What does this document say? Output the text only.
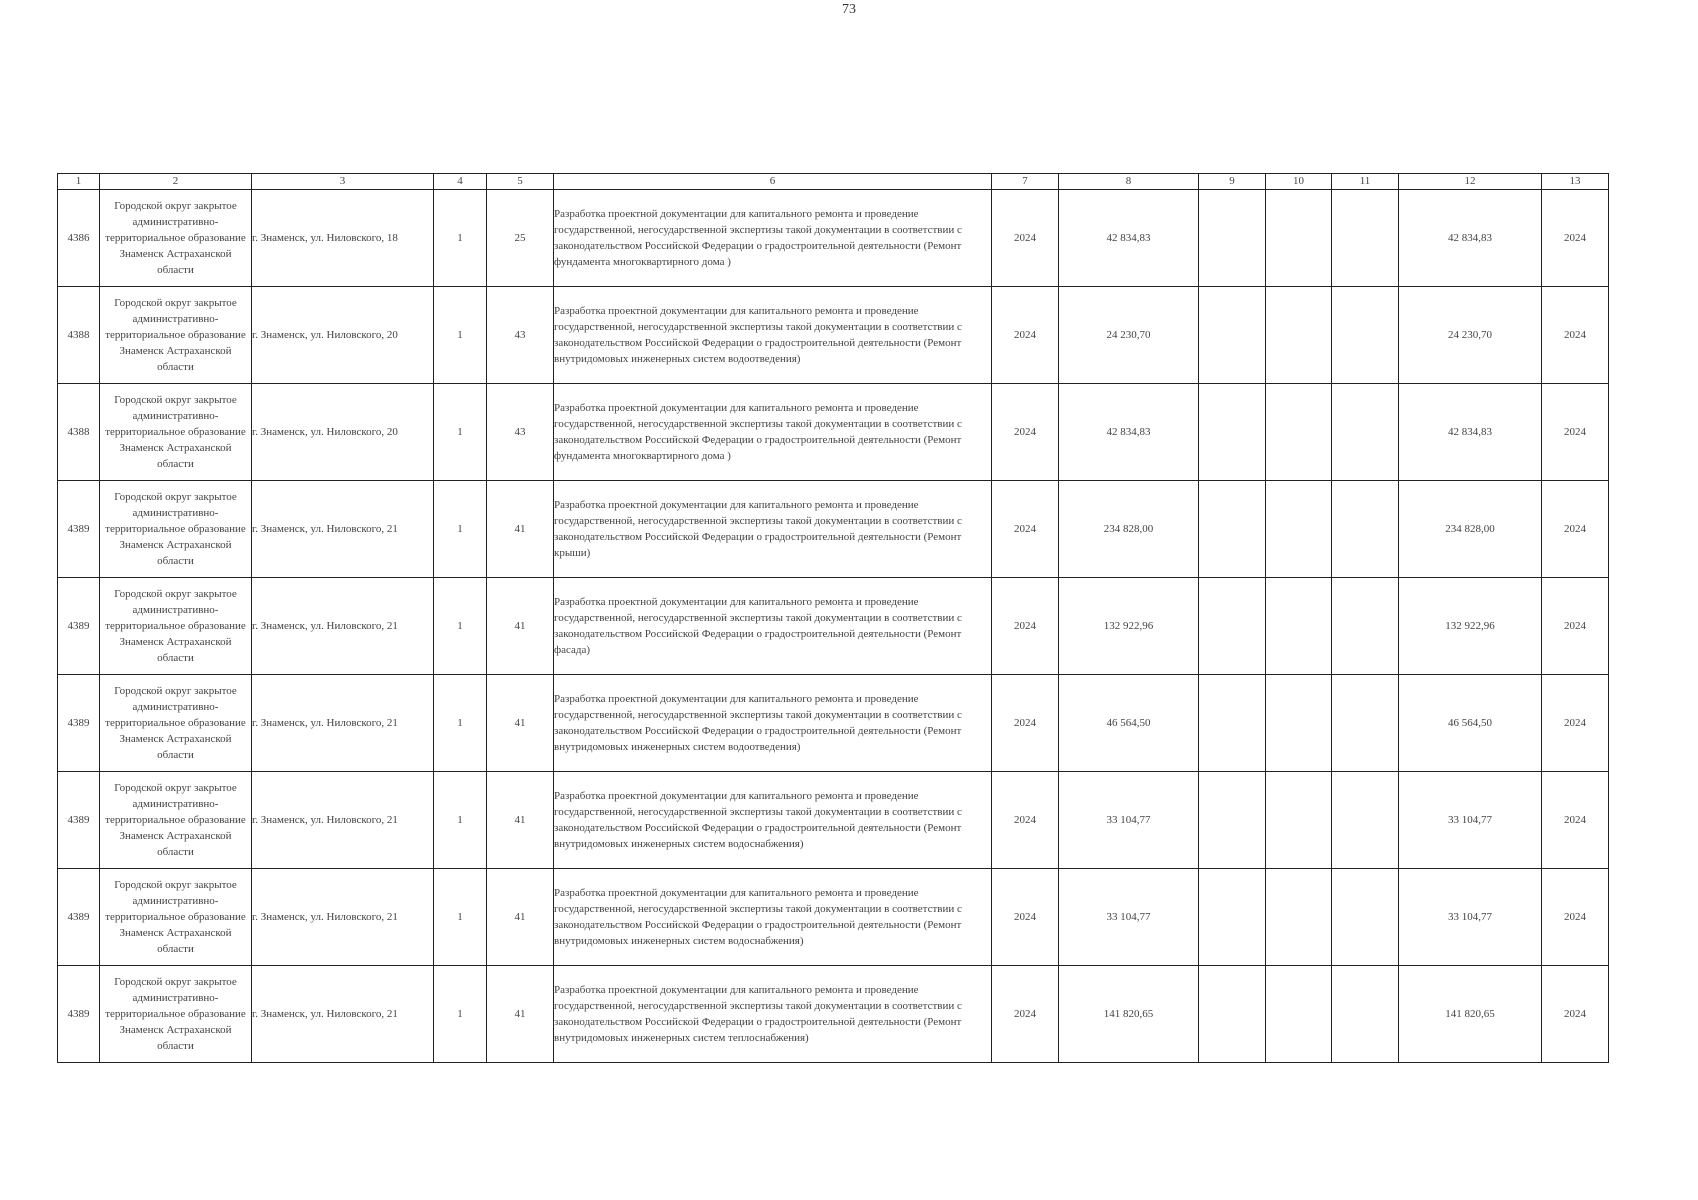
73
1	2	3	4	5	6	7	8	9	10	11	12	13
4386	Городской округ закрытое административно-территориальное образование Знаменск Астраханской области	г. Знаменск, ул. Ниловского, 18	1	25	Разработка проектной документации для капитального ремонта и проведение государственной, негосударственной экспертизы такой документации в соответствии с законодательством Российской Федерации о градостроительной деятельности (Ремонт фундамента многоквартирного дома )	2024	42 834,83				42 834,83	2024
4388	Городской округ закрытое административно-территориальное образование Знаменск Астраханской области	г. Знаменск, ул. Ниловского, 20	1	43	Разработка проектной документации для капитального ремонта и проведение государственной, негосударственной экспертизы такой документации в соответствии с законодательством Российской Федерации о градостроительной деятельности (Ремонт внутридомовых инженерных систем водоотведения)	2024	24 230,70				24 230,70	2024
4388	Городской округ закрытое административно-территориальное образование Знаменск Астраханской области	г. Знаменск, ул. Ниловского, 20	1	43	Разработка проектной документации для капитального ремонта и проведение государственной, негосударственной экспертизы такой документации в соответствии с законодательством Российской Федерации о градостроительной деятельности (Ремонт фундамента многоквартирного дома )	2024	42 834,83				42 834,83	2024
4389	Городской округ закрытое административно-территориальное образование Знаменск Астраханской области	г. Знаменск, ул. Ниловского, 21	1	41	Разработка проектной документации для капитального ремонта и проведение государственной, негосударственной экспертизы такой документации в соответствии с законодательством Российской Федерации о градостроительной деятельности (Ремонт крыши)	2024	234 828,00				234 828,00	2024
4389	Городской округ закрытое административно-территориальное образование Знаменск Астраханской области	г. Знаменск, ул. Ниловского, 21	1	41	Разработка проектной документации для капитального ремонта и проведение государственной, негосударственной экспертизы такой документации в соответствии с законодательством Российской Федерации о градостроительной деятельности (Ремонт фасада)	2024	132 922,96				132 922,96	2024
4389	Городской округ закрытое административно-территориальное образование Знаменск Астраханской области	г. Знаменск, ул. Ниловского, 21	1	41	Разработка проектной документации для капитального ремонта и проведение государственной, негосударственной экспертизы такой документации в соответствии с законодательством Российской Федерации о градостроительной деятельности (Ремонт внутридомовых инженерных систем водоотведения)	2024	46 564,50				46 564,50	2024
4389	Городской округ закрытое административно-территориальное образование Знаменск Астраханской области	г. Знаменск, ул. Ниловского, 21	1	41	Разработка проектной документации для капитального ремонта и проведение государственной, негосударственной экспертизы такой документации в соответствии с законодательством Российской Федерации о градостроительной деятельности (Ремонт внутридомовых инженерных систем водоснабжения)	2024	33 104,77				33 104,77	2024
4389	Городской округ закрытое административно-территориальное образование Знаменск Астраханской области	г. Знаменск, ул. Ниловского, 21	1	41	Разработка проектной документации для капитального ремонта и проведение государственной, негосударственной экспертизы такой документации в соответствии с законодательством Российской Федерации о градостроительной деятельности (Ремонт внутридомовых инженерных систем водоснабжения)	2024	33 104,77				33 104,77	2024
4389	Городской округ закрытое административно-территориальное образование Знаменск Астраханской области	г. Знаменск, ул. Ниловского, 21	1	41	Разработка проектной документации для капитального ремонта и проведение государственной, негосударственной экспертизы такой документации в соответствии с законодательством Российской Федерации о градостроительной деятельности (Ремонт внутридомовых инженерных систем теплоснабжения)	2024	141 820,65				141 820,65	2024
